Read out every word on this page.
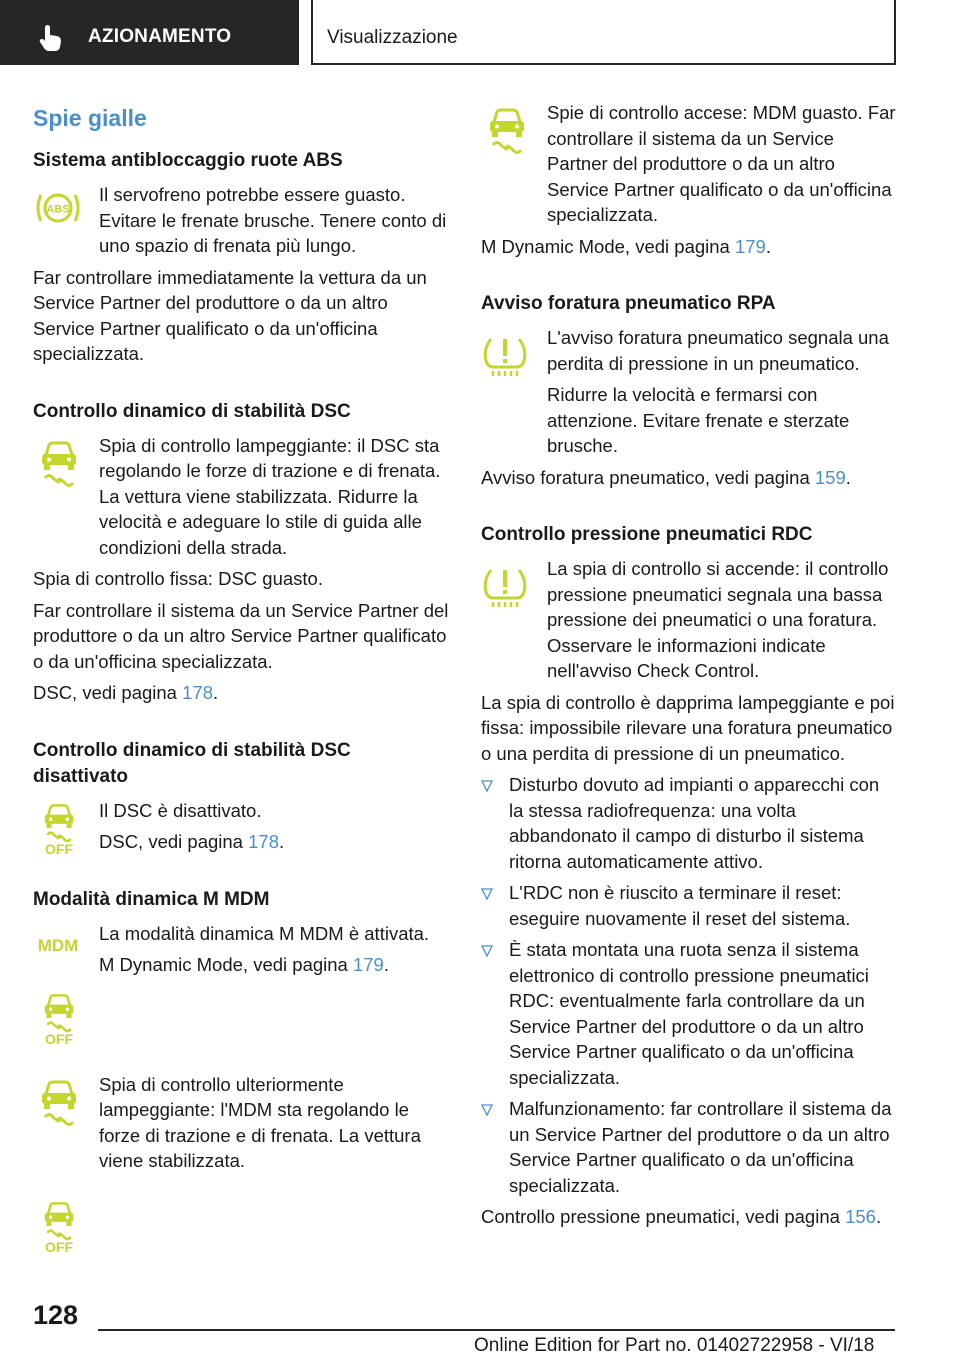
AZIONAMENTO	Visualizzazione
Spie gialle
Sistema antibloccaggio ruote ABS
ABS

Il servofreno potrebbe essere guasto. Evitare le frenate brusche. Tenere conto di uno spazio di frenata più lungo.

Far controllare immediatamente la vettura da un Service Partner del produttore o da un altro Service Partner qualificato o da un'officina specializzata.

Controllo dinamico di stabilità DSC

Spia di controllo lampeggiante: il DSC sta regolando le forze di trazione e di frenata. La vettura viene stabilizzata. Ridurre la velocità e adeguare lo stile di guida alle condizioni della strada.

Spia di controllo fissa: DSC guasto.

Far controllare il sistema da un Service Partner del produttore o da un altro Service Partner qualificato o da un'officina specializzata.

DSC, vedi pagina 178.

Controllo dinamico di stabilità DSC disattivato
OFF

Il DSC è disattivato.

DSC, vedi pagina 178.

Modalità dinamica M MDM
MDM

La modalità dinamica M MDM è attivata.

M Dynamic Mode, vedi pagina 179.

OFF

Spia di controllo ulteriormente lampeggiante: l'MDM sta regolando le forze di trazione e di frenata. La vettura viene stabilizzata.

OFF

Spie di controllo accese: MDM guasto. Far controllare il sistema da un Service Partner del produttore o da un altro Service Partner qualificato o da un'officina specializzata.

M Dynamic Mode, vedi pagina 179.

Avviso foratura pneumatico RPA

L'avviso foratura pneumatico segnala una perdita di pressione in un pneumatico.

Ridurre la velocità e fermarsi con attenzione. Evitare frenate e sterzate brusche.

Avviso foratura pneumatico, vedi pagina 159.

Controllo pressione pneumatici RDC

La spia di controllo si accende: il controllo pressione pneumatici segnala una bassa pressione dei pneumatici o una foratura. Osservare le informazioni indicate nell'avviso Check Control.

La spia di controllo è dapprima lampeggiante e poi fissa: impossibile rilevare una foratura pneumatico o una perdita di pressione di un pneumatico.

Disturbo dovuto ad impianti o apparecchi con la stessa radiofrequenza: una volta abbandonato il campo di disturbo il sistema ritorna automaticamente attivo.
L'RDC non è riuscito a terminare il reset: eseguire nuovamente il reset del sistema.
È stata montata una ruota senza il sistema elettronico di controllo pressione pneumatici RDC: eventualmente farla controllare da un Service Partner del produttore o da un altro Service Partner qualificato o da un'officina specializzata.
Malfunzionamento: far controllare il sistema da un Service Partner del produttore o da un altro Service Partner qualificato o da un'officina specializzata.

Controllo pressione pneumatici, vedi pagina 156.

128
Online Edition for Part no. 01402722958 - VI/18
